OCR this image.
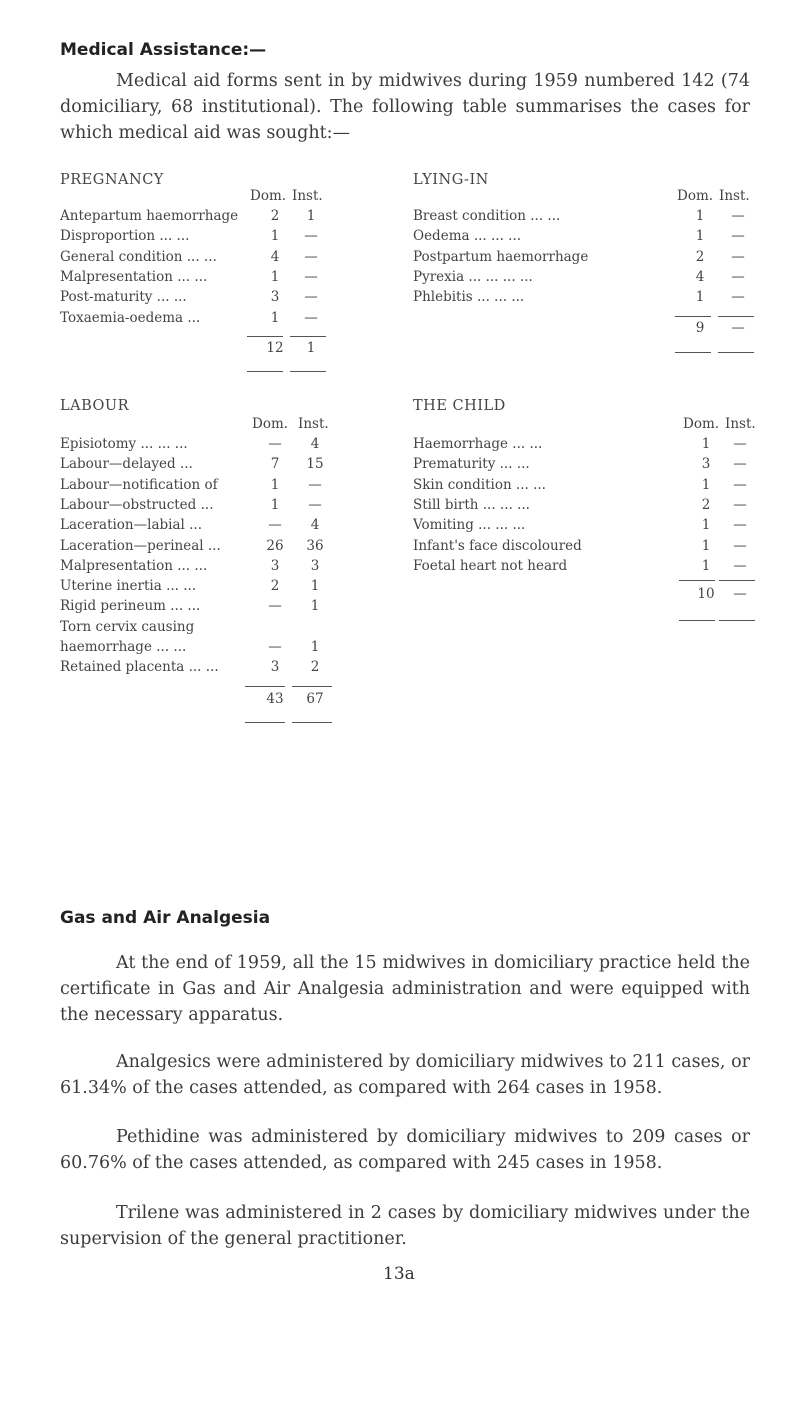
Medical Assistance:—
Medical aid forms sent in by midwives during 1959 numbered 142 (74 domiciliary, 68 institutional). The following table summarises the cases for which medical aid was sought:—
PREGNANCY
Dom. Inst.
12	1
Antepartum haemorrhage	2	1
Disproportion ... ...	1	—
General condition ... ...	4	—
Malpresentation ... ...	1	—
Post-maturity ... ...	3	—
Toxaemia-oedema ...	1	—
LYING-IN
Dom. Inst.
9	—
Breast condition ... ...	1	—
Oedema ... ... ...	1	—
Postpartum haemorrhage	2	—
Pyrexia ... ... ... ...	4	—
Phlebitis ... ... ...	1	—
LABOUR
Dom. Inst.
43	67
Episiotomy ... ... ...	—	4
Labour—delayed ...	7	15
Labour—notification of	1	—
Labour—obstructed ...	1	—
Laceration—labial ...	—	4
Laceration—perineal ...	26	36
Malpresentation ... ...	3	3
Uterine inertia ... ...	2	1
Rigid perineum ... ...	—	1
Torn cervix causing
haemorrhage ... ...	—	1
Retained placenta ... ...	3	2
THE CHILD
Dom. Inst.
10	—
Haemorrhage ... ...	1	—
Prematurity ... ...	3	—
Skin condition ... ...	1	—
Still birth ... ... ...	2	—
Vomiting ... ... ...	1	—
Infant's face discoloured	1	—
Foetal heart not heard	1	—
Gas and Air Analgesia
At the end of 1959, all the 15 midwives in domiciliary practice held the certificate in Gas and Air Analgesia administration and were equipped with the necessary apparatus.
Analgesics were administered by domiciliary midwives to 211 cases, or 61.34% of the cases attended, as compared with 264 cases in 1958.
Pethidine was administered by domiciliary midwives to 209 cases or 60.76% of the cases attended, as compared with 245 cases in 1958.
Trilene was administered in 2 cases by domiciliary midwives under the supervision of the general practitioner.
13a
